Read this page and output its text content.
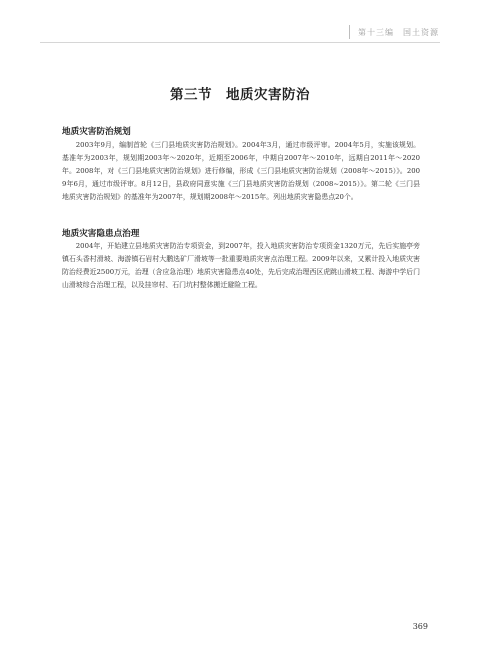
第十三编　国土资源
第三节　地质灾害防治
地质灾害防治规划

2003年9月，编制首轮《三门县地质灾害防治规划》。2004年3月，通过市级评审。2004年5月，实施该规划。基准年为2003年，规划期2003年～2020年，近期至2006年，中期自2007年～2010年，远期自2011年～2020年。2008年，对《三门县地质灾害防治规划》进行修编，形成《三门县地质灾害防治规划（2008年～2015）》。2009年6月，通过市级评审。8月12日，县政府同意实施《三门县地质灾害防治规划（2008~2015）》。第二轮《三门县地质灾害防治规划》的基准年为2007年，规划期2008年～2015年。列出地质灾害隐患点20个。

地质灾害隐患点治理

2004年，开始建立县地质灾害防治专项资金，到2007年，投入地质灾害防治专项资金1320万元，先后实施亭旁镇石头香村滑坡、海游镇石岩村大鹏选矿厂滑坡等一批重要地质灾害点治理工程。2009年以来，又累计投入地质灾害防治经费近2500万元，治理（含应急治理）地质灾害隐患点40处，先后完成治理西区虎跳山滑坡工程、海游中学后门山滑坡综合治理工程，以及挂帘村、石门坑村整体搬迁避险工程。

369
